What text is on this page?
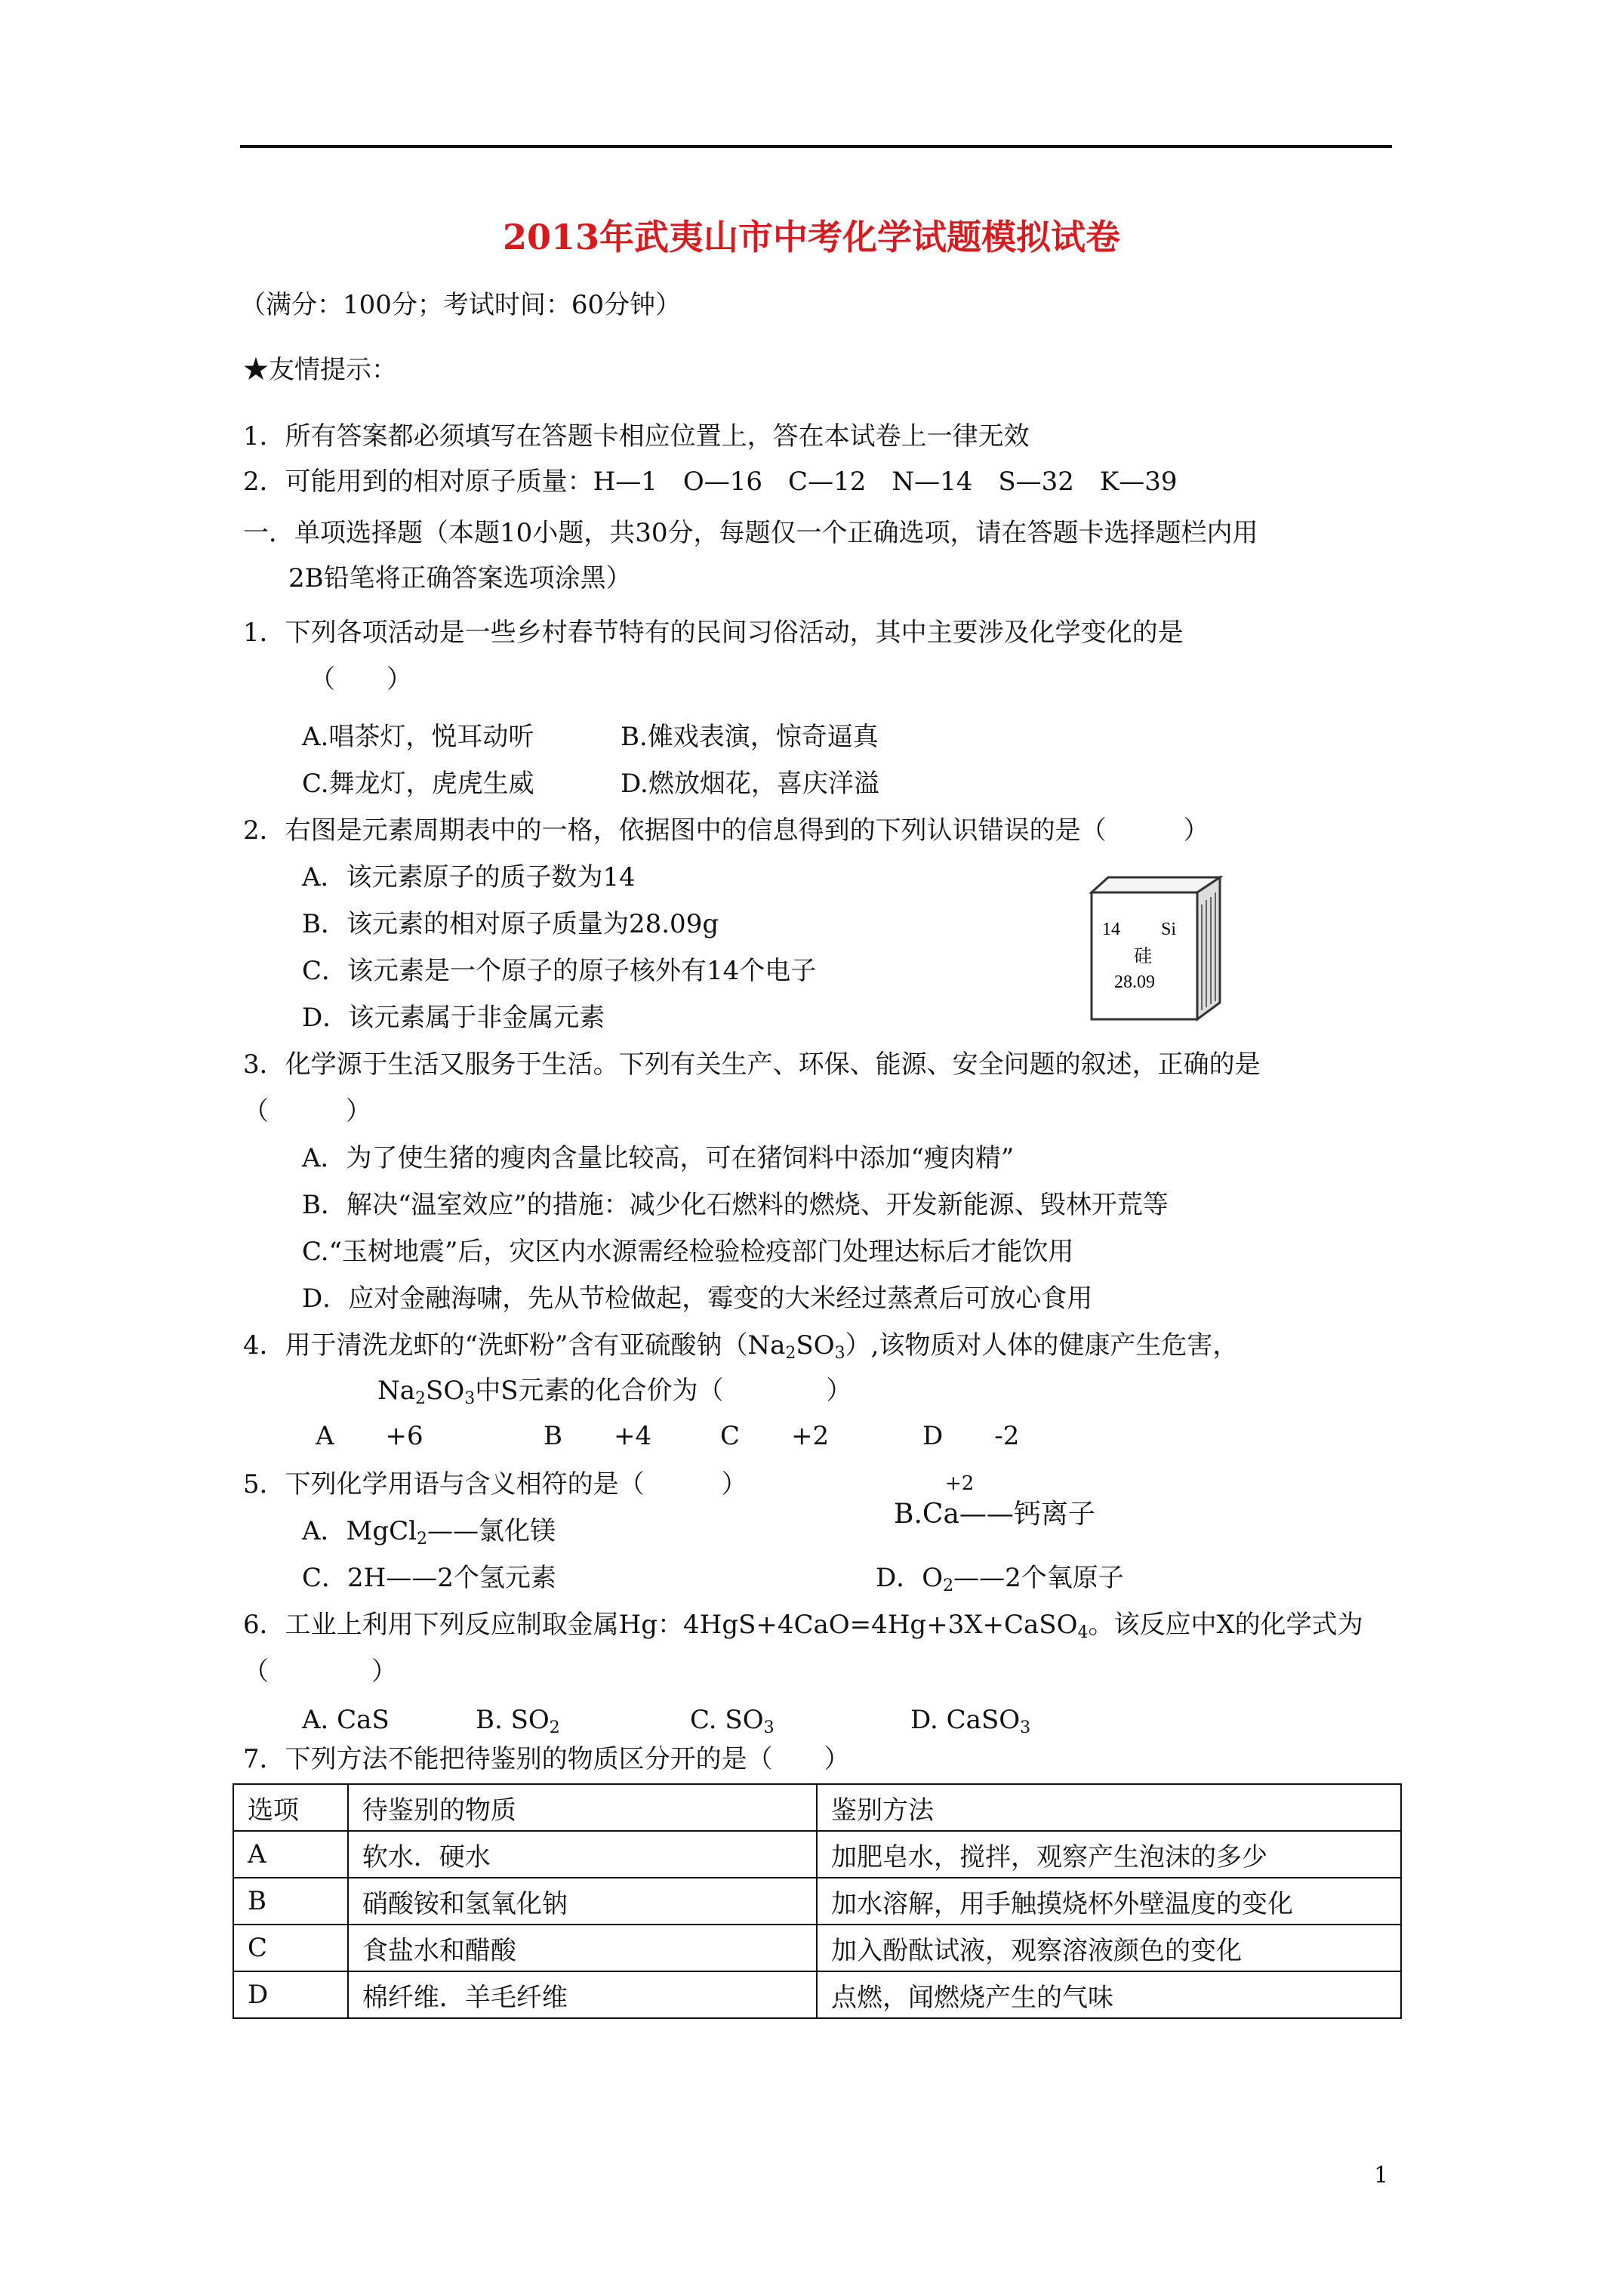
2013年武夷山市中考化学试题模拟试卷
（满分：100分；考试时间：60分钟）
★友情提示：
1．所有答案都必须填写在答题卡相应位置上，答在本试卷上一律无效
2．可能用到的相对原子质量：H—1　O—16　C—12　N—14　S—32　K—39
一．单项选择题（本题10小题，共30分，每题仅一个正确选项，请在答题卡选择题栏内用
2B铅笔将正确答案选项涂黑）
1．下列各项活动是一些乡村春节特有的民间习俗活动，其中主要涉及化学变化的是
（　　）
A.唱茶灯，悦耳动听	B.傩戏表演，惊奇逼真
C.舞龙灯，虎虎生威	D.燃放烟花，喜庆洋溢
2．右图是元素周期表中的一格，依据图中的信息得到的下列认识错误的是（　　　）
A．该元素原子的质子数为14
B．该元素的相对原子质量为28.09g
C．该元素是一个原子的原子核外有14个电子
D．该元素属于非金属元素
14 Si
硅
28.09
3．化学源于生活又服务于生活。下列有关生产、环保、能源、安全问题的叙述，正确的是
（　　　）
A．为了使生猪的瘦肉含量比较高，可在猪饲料中添加“瘦肉精”
B．解决“温室效应”的措施：减少化石燃料的燃烧、开发新能源、毁林开荒等
C.“玉树地震”后，灾区内水源需经检验检疫部门处理达标后才能饮用
D．应对金融海啸，先从节检做起，霉变的大米经过蒸煮后可放心食用
4．用于清洗龙虾的“洗虾粉”含有亚硫酸钠$(Na_2SO_3)$,该物质对人体的健康产生危害，
$Na_2SO_3$中S元素的化合价为（　　　　）
A　　+6	B　　+4	C　　+2	D　　-2
5．下列化学用语与含义相符的是（　　　）	+2
B.Ca——钙离子
A．MgCl$_2$——氯化镁
C．2H——2个氢元素	D．$O_2——2$个氧原子
6．工业上利用下列反应制取金属Hg：4HgS+4CaO=4Hg+3X+CaSO$_4$。该反应中X的化学式为
（　　　　）
A. CaS	B. $SO_2$	C. $SO_3$	D. CaSO$_3$
7．下列方法不能把待鉴别的物质区分开的是（　　）
选项	待鉴别的物质	鉴别方法
A	软水．硬水	加肥皂水，搅拌，观察产生泡沫的多少
B	硝酸铵和氢氧化钠	加水溶解，用手触摸烧杯外壁温度的变化
C	食盐水和醋酸	加入酚酞试液，观察溶液颜色的变化
D	棉纤维．羊毛纤维	点燃，闻燃烧产生的气味
1
